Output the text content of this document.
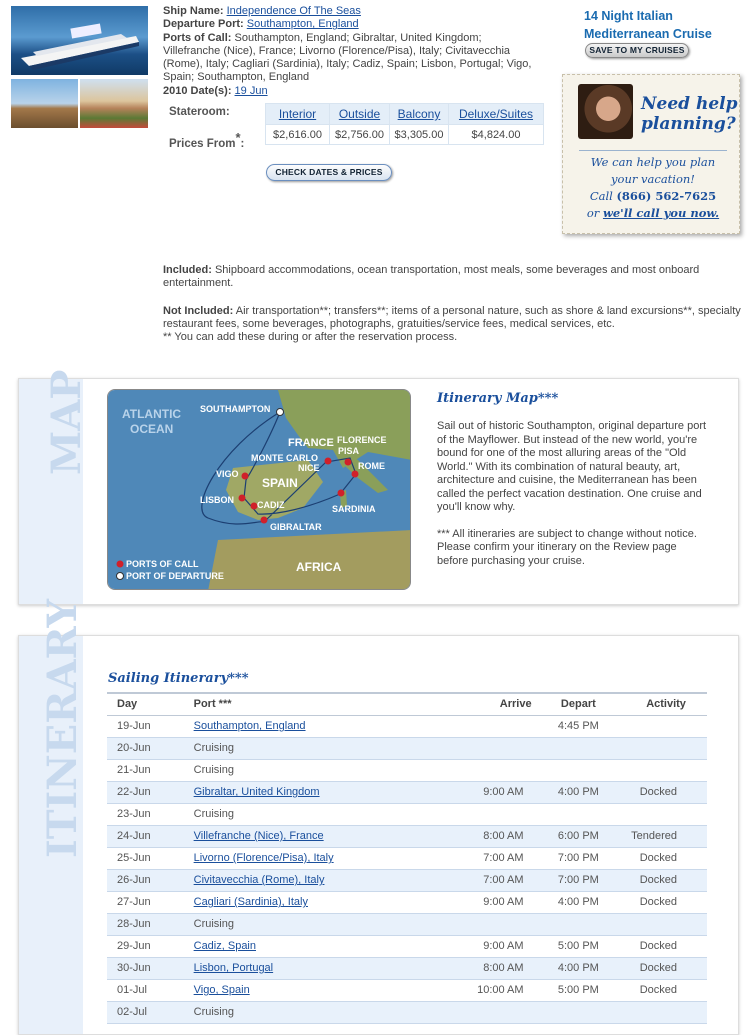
Ship Name: Independence Of The Seas
Departure Port: Southampton, England
Ports of Call: Southampton, England; Gibraltar, United Kingdom; Villefranche (Nice), France; Livorno (Florence/Pisa), Italy; Civitavecchia (Rome), Italy; Cagliari (Sardinia), Italy; Cadiz, Spain; Lisbon, Portugal; Vigo, Spain; Southampton, England
2010 Date(s): 19 Jun
Stateroom:
Prices From*:
Interior	Outside	Balcony	Deluxe/Suites
$2,616.00	$2,756.00	$3,305.00	$4,824.00
CHECK DATES & PRICES
14 Night Italian
Mediterranean Cruise
SAVE TO MY CRUISES
Need help
planning?
We can help you plan
your vacation!
Call (866) 562-7625
or we'll call you now.
Included: Shipboard accommodations, ocean transportation, most meals, some beverages and most onboard entertainment.
Not Included: Air transportation**; transfers**; items of a personal nature, such as shore & land excursions**, specialty restaurant fees, some beverages, photographs, gratuities/service fees, medical services, etc.
** You can add these during or after the reservation process.
MAP	ATLANTIC
OCEAN
SOUTHAMPTON
FRANCE
MONTE CARLO
NICE
FLORENCE
PISA
ROME
VIGO
SPAIN
LISBON	CADIZ	SARDINIA
GIBRALTAR
AFRICA
PORTS OF CALL
PORT OF DEPARTURE
Itinerary Map***
Sail out of historic Southampton, original departure port of the Mayflower. But instead of the new world, you're bound for one of the most alluring areas of the "Old World." With its combination of natural beauty, art, architecture and cuisine, the Mediterranean has been called the perfect vacation destination. One cruise and you'll know why.
*** All itineraries are subject to change without notice. Please confirm your itinerary on the Review page before purchasing your cruise.
ITINERARY Sailing Itinerary***
Day	Port ***	Arrive	Depart	Activity
19-Jun	Southampton, England		4:45 PM	
20-Jun	Cruising			
21-Jun	Cruising			
22-Jun	Gibraltar, United Kingdom	9:00 AM	4:00 PM	Docked
23-Jun	Cruising			
24-Jun	Villefranche (Nice), France	8:00 AM	6:00 PM	Tendered
25-Jun	Livorno (Florence/Pisa), Italy	7:00 AM	7:00 PM	Docked
26-Jun	Civitavecchia (Rome), Italy	7:00 AM	7:00 PM	Docked
27-Jun	Cagliari (Sardinia), Italy	9:00 AM	4:00 PM	Docked
28-Jun	Cruising			
29-Jun	Cadiz, Spain	9:00 AM	5:00 PM	Docked
30-Jun	Lisbon, Portugal	8:00 AM	4:00 PM	Docked
01-Jul	Vigo, Spain	10:00 AM	5:00 PM	Docked
02-Jul	Cruising			
